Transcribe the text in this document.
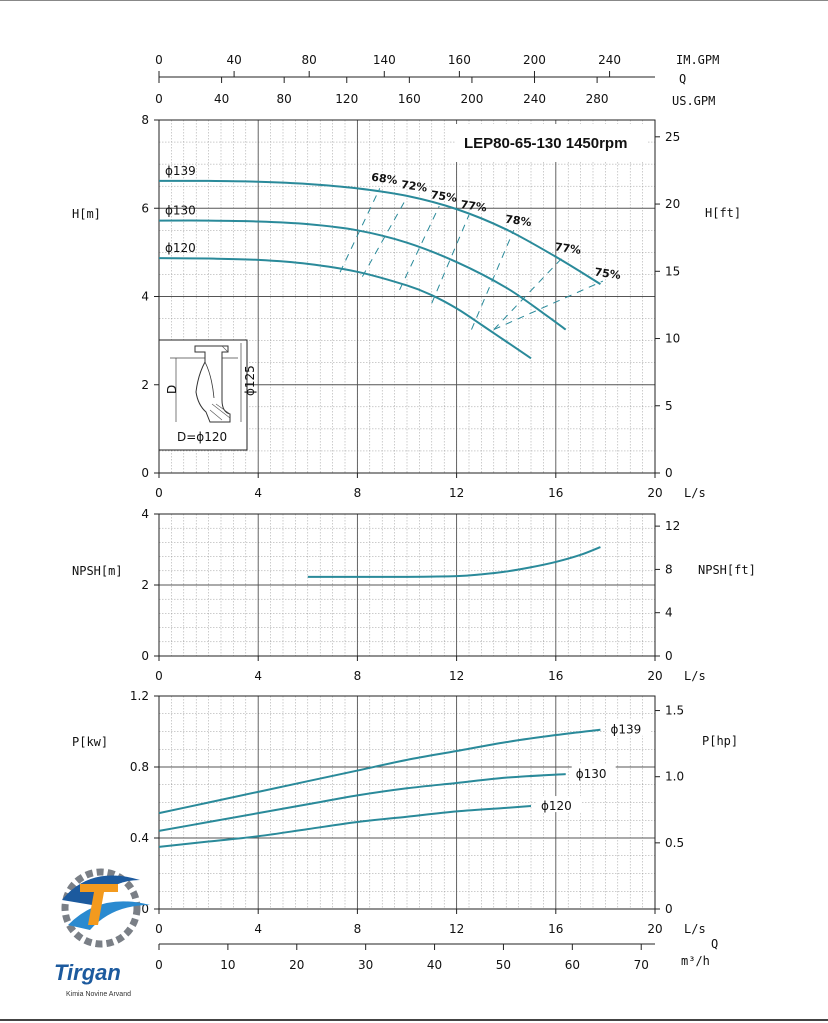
0	40	80	140	160	200	240
0	40	80	120	160	200	240	280
IM.GPM
Q
US.GPM
0	4	8	12	16	20 L/s
0
2
4
6
8
H[m]
0
5
10
15
20
25
H[ft]
ϕ139
ϕ130
ϕ120
68% 72%
75%
77%
78%
77%
75%
0	4	8	12	16	20 L/s
0
2
4
NPSH[m]
0
4
8
12
NPSH[ft]
0	4	8	12	16	20 L/s
0
0.4
0.8
1.2
P[kw]
0
0.5
1.0
1.5
P[hp]
ϕ139
ϕ130
ϕ120
D	ϕ125
D=ϕ120
LEP80-65-130 1450rpm
0	10	20	30	40	50	60	70
Q
m³/h
Tirgan
Kimia Novine Arvand
